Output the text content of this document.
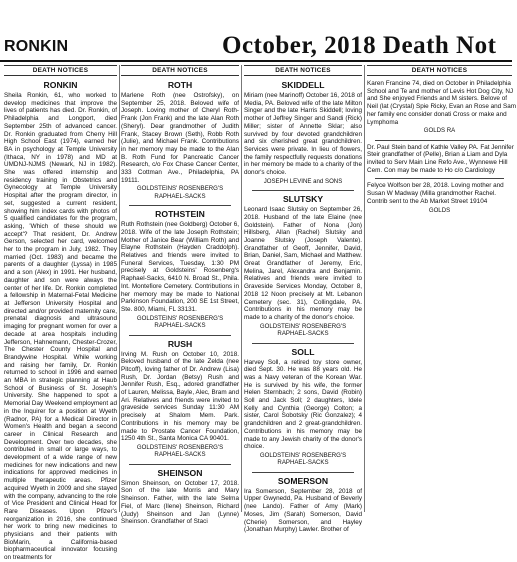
RONKIN	October, 2018 Death Not
DEATH NOTICES
RONKIN

Sheila Ronkin, 61, who worked to develop medicines that improve the lives of patients has died. Dr. Ronkin, of Philadelphia and Longport, died September 25th of advanced cancer. Dr. Ronkin graduated from Cherry Hill High School East (1974), earned her BA in psychology at Temple University (Ithaca, NY in 1978) and MD at UMDNJ-NJMS (Newark, NJ in 1982). She was offered internship and residency training in Obstetrics and Gynecology at Temple University Hospital after the program director, in set, suggested a current resident, showing him index cards with photos of 5 qualified candidates for the program, asking, 'Which of these should we accept'? That resident, Dr. Andrew Gerson, selected her card, welcomed her to the program in July, 1982. They married (Oct. 1983) and became the parents of a daughter (Lyssa) in 1985 and a son (Alex) in 1991. Her husband, daughter and son were always the center of her life. Dr. Ronkin completed a fellowship in Maternal-Fetal Medicine at Jefferson University Hospital and directed and/or provided maternity care, prenatal diagnosis and ultrasound imaging for pregnant women for over a decade at area hospitals including Jefferson, Hahnemann, Chester-Crozer, The Chester County Hospital and Brandywine Hospital. While working and raising her family, Dr. Ronkin returned to school in 1996 and earned an MBA in strategic planning at Haub School of Business of St. Joseph's University. She happened to spot a Memorial Day Weekend employment ad in the Inquirer for a position at Wyeth (Radnor, PA) for a Medical Director in Women's Health and began a second career in Clinical Research and Development. Over two decades, she contributed in small or large ways, to development of a wide range of new medicines for new indications and new indications for approved medicines in multiple therapeutic areas. Pfizer acquired Wyeth in 2009 and she stayed with the company, advancing to the role of Vice President and Clinical Head for Rare Diseases. Upon Pfizer's reorganization in 2016, she continued her work to bring new medicines to physicians and their patients with BioMarin, a California-based biopharmaceutical innovator focusing on treatments for

DEATH NOTICES
ROTH

Marlene Roth (nee Ostrofsky), on September 25, 2018. Beloved wife of Joseph. Loving mother of Cheryl Roth-Frank (Jon Frank) and the late Alan Roth (Sheryl). Dear grandmother of Judith Frank, Stacey Brown (Seth), Robb Roth (Julie), and Michael Frank. Contributions in her memory may be made to the Alan B. Roth Fund for Pancreatic Cancer Research, c/o Fox Chase Cancer Center, 333 Cottman Ave., Philadelphia, PA 19111.

GOLDSTEINS' ROSENBERG'S RAPHAEL-SACKS
ROTHSTEIN

Ruth Rothstein (nee Goldberg) October 6, 2018. Wife of the late Joseph Rothstein; Mother of Janice Bear (William Roth) and Elayne Rothstein (Hayden Craddolph). Relatives and friends were invited to Funeral Services, Tuesday, 1:30 PM precisely at Goldsteins' Rosenberg's Raphael-Sacks, 6410 N. Broad St., Phila. Int. Montefiore Cemetery. Contributions in her memory may be made to National Parkinson Foundation, 200 SE 1st Street, Ste. 800, Miami, FL 33131.

GOLDSTEINS' ROSENBERG'S RAPHAEL-SACKS
RUSH

Irving M. Rush on October 10, 2018. Beloved husband of the late Zelda (nee Pitcoff), loving father of Dr. Andrew (Lisa) Rush, Dr. Jordan (Betsy) Rush and Jennifer Rush, Esq., adored grandfather of Lauren, Melissa, Bayle, Alec, Bram and Ari. Relatives and friends were invited to graveside services Sunday 11:30 AM precisely at Shalom Mem. Park. Contributions in his memory may be made to Prostate Cancer Foundation, 1250 4th St., Santa Monica CA 90401.

GOLDSTEINS' ROSENBERG'S RAPHAEL-SACKS
SHEINSON

Simon Sheinson, on October 17, 2018. Son of the late Morris and Mary Sheinson. Father, with the late Selma Fiel, of Marc (Ilene) Sheinson, Richard (Judy) Sheinson and Jan (Lynne) Sheinson. Grandfather of Staci

DEATH NOTICES
SKIDDELL

Miriam (nee Marinoff) October 16, 2018 of Media, PA. Beloved wife of the late Milton Singer and the late Harris Skiddell; loving mother of Jeffrey Singer and Sandi (Rick) Miller; sister of Annette Sklar; also survived by four devoted grandchildren and six cherished great grandchildren. Services were private. In lieu of flowers, the family respectfully requests donations in her memory be made to a charity of the donor's choice.

JOSEPH LEVINE and SONS
SLUTSKY

Leonard Isaac Slutsky on September 26, 2018. Husband of the late Elaine (nee Goldstein). Father of Nona (Jon) Hillsberg, Allan (Rachel) Slutsky and Joanne Slutsky (Joseph Valente). Grandfather of Geoff, Jennifer, David, Brian, Daniel, Sam, Michael and Matthew. Great Grandfather of Jeremy, Eric, Melina, Jarel, Alexandra and Benjamin. Relatives and friends were invited to Graveside Services Monday, October 8, 2018 12 Noon precisely at Mt. Lebanon Cemetery (sec. 31), Collingdale, PA. Contributions in his memory may be made to a charity of the donor's choice.

GOLDSTEINS' ROSENBERG'S RAPHAEL-SACKS
SOLL

Harvey Soll, a retired toy store owner, died Sept. 30. He was 88 years old. He was a Navy veteran of the Korean War. He is survived by his wife, the former Helen Sternbach; 2 sons, David (Robin) Soll and Jack Soll; 2 daughters, Idele Kelly and Cynthia (George) Colton; a sister, Carol Sobotsky (Ric Gonzalez); 4 grandchildren and 2 great-grandchildren. Contributions in his memory may be made to any Jewish charity of the donor's choice.

GOLDSTEINS' ROSENBERG'S RAPHAEL-SACKS
SOMERSON

Ira Somerson, September 28, 2018 of Upper Gwynedd, Pa. Husband of Beverly (nee Lando). Father of Amy (Mark) Moses, Jim (Sarah) Somerson, David (Cherie) Somerson, and Hayley (Jonathan Murphy) Lawler. Brother of

DEATH NOTICES

Karen Francine 74, died on October in Philadelphia School and Te and mother of Levis Hot Dog City, NJ and She enjoyed Friends and M sisters. Belove of Neil (lat (Crystal) Spie Ricky, Evan an Rose and Sam her family enc consider donati Cross or make and Lymphoma

GOLDS RA

Dr. Paul Stein band of Kathle Valley PA. Fat Jennifer Steir grandfather of (Pelle), Brian a Liam and Dyla invited to Serv Main Line Refo Ave., Wynnewe Hill Cem. Con may be made to Ho c/o Cardiology

Felyce Wolfson ber 28, 2018. Loving mother and Susan W Madway (Milla grandmother Rachel. Contrib sent to the Ab Market Street 19104

GOLDS
